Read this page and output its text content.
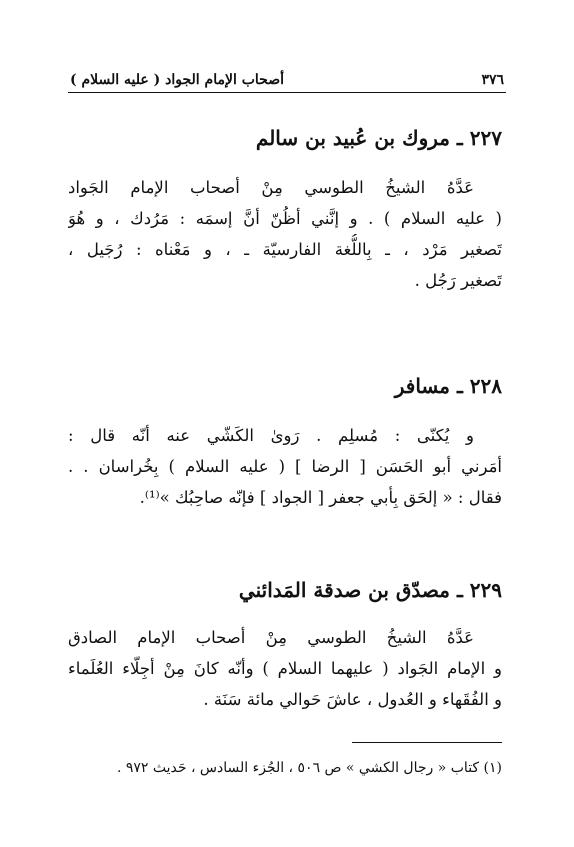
٣٧٦
أصحاب الإمام الجواد ( عليه السلام )
٢٢٧ ـ مروك بن عُبيد بن سالم
عَدَّهُ الشيخُ الطوسي مِنْ أصحاب الإمام الجَواد
( عليه السلام ) . و إنَّني أظُنّ أنَّ إسمَه : مَرُدك ، و هُوَ
تَصغير مَرْد ، ـ بِاللُّغة الفارسيّة ـ ، و مَعْناه : رُجَيل ،
تَصغير رَجُل .
٢٢٨ ـ مسافر
و يُكنّى : مُسلِم . رَوىٰ الكَشّي عنه أنّه قال :
أمَرني أبو الحَسَن [ الرضا ] ( عليه السلام ) بِخُراسان . .
فقال : « إلحَق بِأبي جعفر [ الجواد ] فإنّه صاحِبُك »⁽¹⁾.
٢٢٩ ـ مصدّق بن صدقة المَدائني
عَدَّهُ الشيخُ الطوسي مِنْ أصحاب الإمام الصادق
و الإمام الجَواد ( عليهما السلام ) وأنّه كانَ مِنْ أجِلّاء العُلَماء
و الفُقَهاء و العُدول ، عاشَ حَوالي مائة سَنَة .
(١) كتاب « رجال الكشي » ص ٥٠٦ ، الجُزء السادس ، حَديث ٩٧٢ .
